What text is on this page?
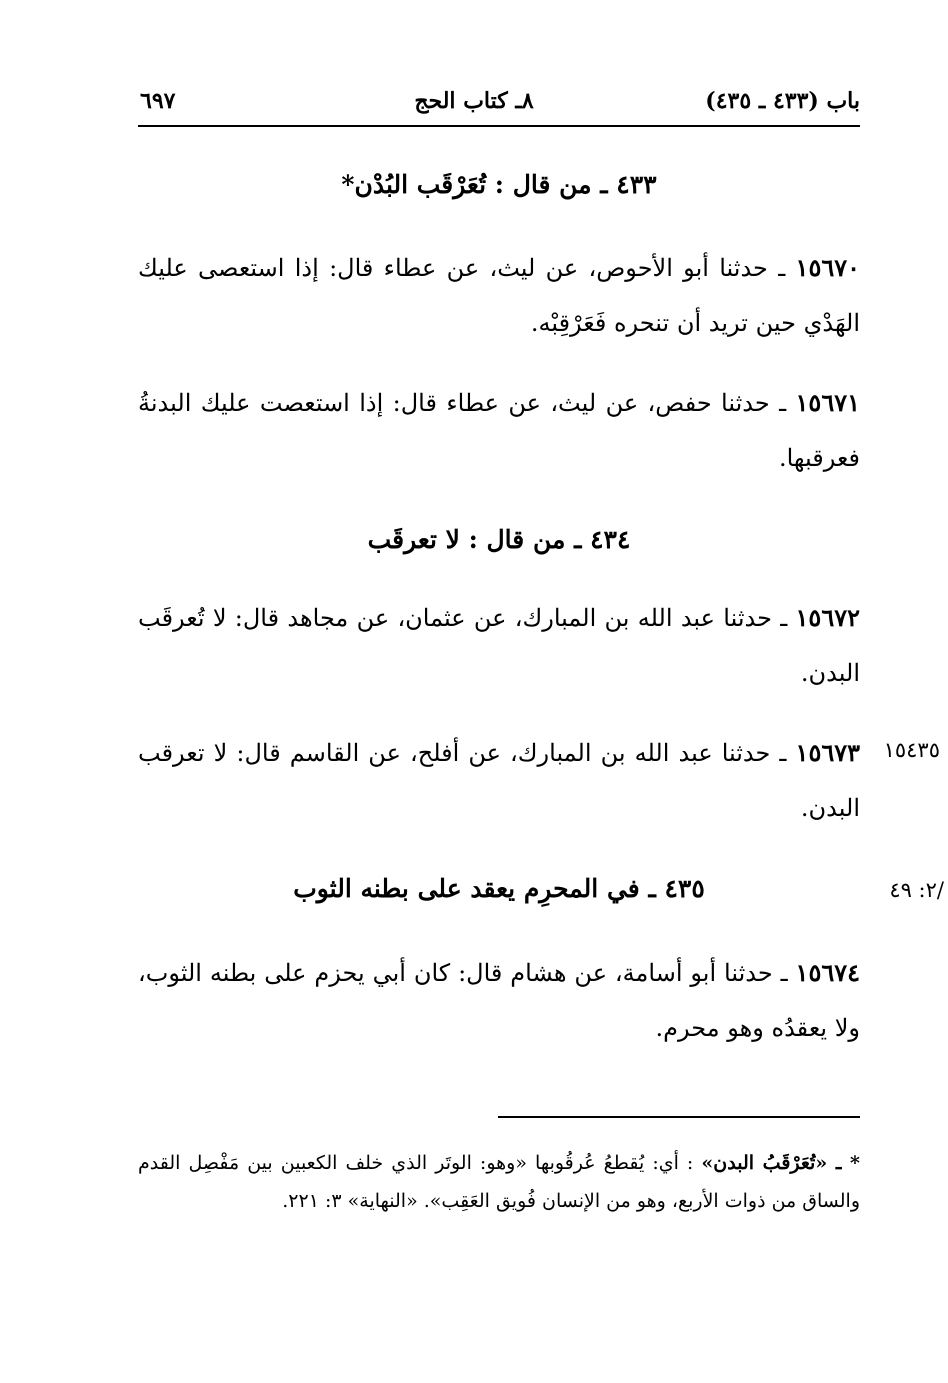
باب (٤٣٣ ـ ٤٣٥)
٨ـ كتاب الحج
٦٩٧
٤٣٣ ـ من قال : تُعَرْقَب البُدْن*
١٥٦٧٠ ـ حدثنا أبو الأحوص، عن ليث، عن عطاء قال: إذا استعصى عليك الهَدْي حين تريد أن تنحره فَعَرْقِبْه.
١٥٦٧١ ـ حدثنا حفص، عن ليث، عن عطاء قال: إذا استعصت عليك البدنةُ فعرقبها.
٤٣٤ ـ من قال : لا تعرقَب
١٥٦٧٢ ـ حدثنا عبد الله بن المبارك، عن عثمان، عن مجاهد قال: لا تُعرقَب البدن.
١٥٤٣٥
١٥٦٧٣ ـ حدثنا عبد الله بن المبارك، عن أفلح، عن القاسم قال: لا تعرقب البدن.
/٢: ٤٩
٤٣٥ ـ في المحرِم يعقد على بطنه الثوب
١٥٦٧٤ ـ حدثنا أبو أسامة، عن هشام قال: كان أبي يحزم على بطنه الثوب، ولا يعقدُه وهو محرم.
* ـ «تُعَرْقَبُ البدن» : أي: يُقطعُ عُرقُوبها «وهو: الوتَر الذي خلف الكعبين بين مَفْصِل القدم والساق من ذوات الأربع، وهو من الإنسان فُويق العَقِب». «النهاية» ٣: ٢٢١.
